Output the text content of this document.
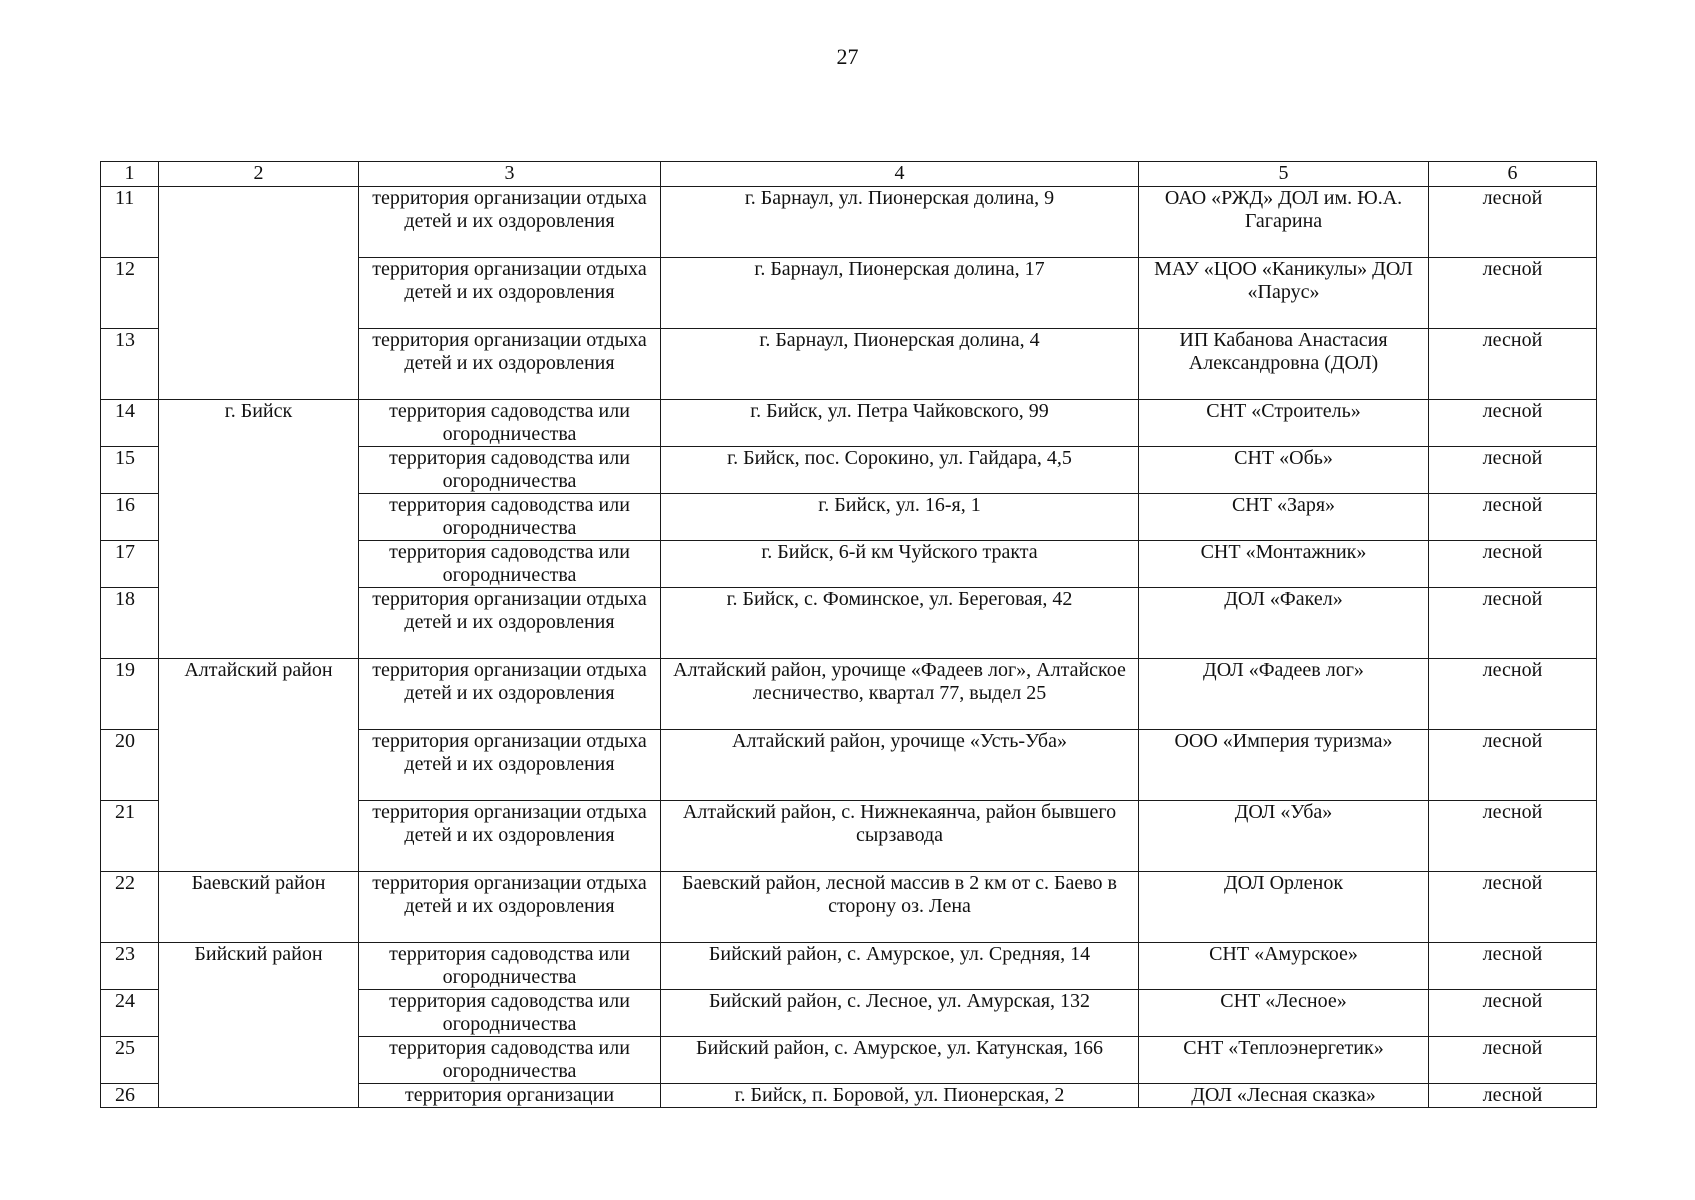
27
1	2	3	4	5	6
11		территория организации отдыха детей и их оздоровления	г. Барнаул, ул. Пионерская долина, 9	ОАО «РЖД» ДОЛ им. Ю.А. Гагарина	лесной
12		территория организации отдыха детей и их оздоровления	г. Барнаул, Пионерская долина, 17	МАУ «ЦОО «Каникулы» ДОЛ «Парус»	лесной
13		территория организации отдыха детей и их оздоровления	г. Барнаул, Пионерская долина, 4	ИП Кабанова Анастасия Александровна (ДОЛ)	лесной
14	г. Бийск	территория садоводства или огородничества	г. Бийск, ул. Петра Чайковского, 99	СНТ «Строитель»	лесной
15		территория садоводства или огородничества	г. Бийск, пос. Сорокино, ул. Гайдара, 4,5	СНТ «Обь»	лесной
16		территория садоводства или огородничества	г. Бийск, ул. 16-я, 1	СНТ «Заря»	лесной
17		территория садоводства или огородничества	г. Бийск, 6-й км Чуйского тракта	СНТ «Монтажник»	лесной
18		территория организации отдыха детей и их оздоровления	г. Бийск, с. Фоминское, ул. Береговая, 42	ДОЛ «Факел»	лесной
19	Алтайский район	территория организации отдыха детей и их оздоровления	Алтайский район, урочище «Фадеев лог», Алтайское лесничество, квартал 77, выдел 25	ДОЛ «Фадеев лог»	лесной
20		территория организации отдыха детей и их оздоровления	Алтайский район, урочище «Усть-Уба»	ООО «Империя туризма»	лесной
21		территория организации отдыха детей и их оздоровления	Алтайский район, с. Нижнекаянча, район бывшего сырзавода	ДОЛ «Уба»	лесной
22	Баевский район	территория организации отдыха детей и их оздоровления	Баевский район, лесной массив в 2 км от с. Баево в сторону оз. Лена	ДОЛ Орленок	лесной
23	Бийский район	территория садоводства или огородничества	Бийский район, с. Амурское, ул. Средняя, 14	СНТ «Амурское»	лесной
24		территория садоводства или огородничества	Бийский район, с. Лесное, ул. Амурская, 132	СНТ «Лесное»	лесной
25		территория садоводства или огородничества	Бийский район, с. Амурское, ул. Катунская, 166	СНТ «Теплоэнергетик»	лесной
26		территория организации	г. Бийск, п. Боровой, ул. Пионерская, 2	ДОЛ «Лесная сказка»	лесной
